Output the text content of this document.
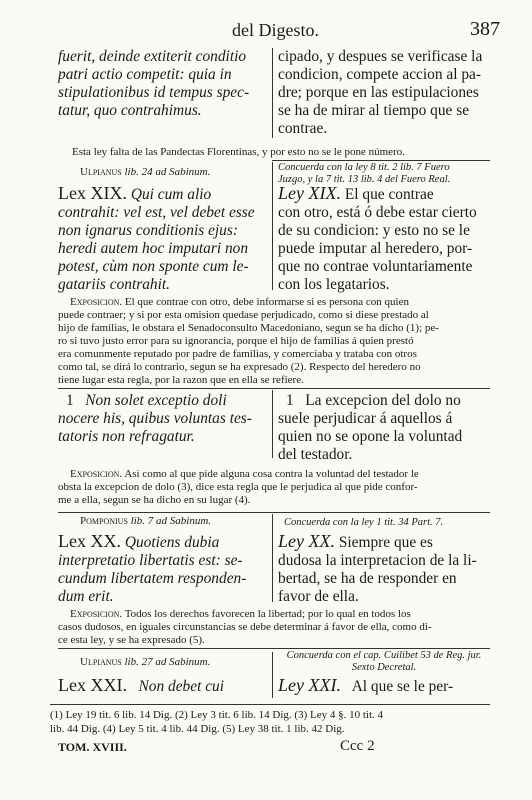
del Digesto.	387
fuerit, deinde extiterit conditio
patri actio competit: quia in
stipulationibus id tempus spec-
tatur, quo contrahimus.
cipado, y despues se verificase la
condicion, compete accion al pa-
dre; porque en las estipulaciones
se ha de mirar al tiempo que se
contrae.
Esta ley falta de las Pandectas Florentinas, y por esto no se le pone número.
Ulpianus lib. 24 ad Sabinum.	Concuerda con la ley 8 tit. 2 lib. 7 Fuero
Juzgo, y la 7 tit. 13 lib. 4 del Fuero Real.
Lex XIX. Qui cum alio
contrahit: vel est, vel debet esse
non ignarus conditionis ejus:
heredi autem hoc imputari non
potest, cùm non sponte cum le-
gatariis contrahit.
Ley XIX. El que contrae
con otro, está ó debe estar cierto
de su condicion: y esto no se le
puede imputar al heredero, por-
que no contrae voluntariamente
con los legatarios.
Exposicion. El que contrae con otro, debe informarse si es persona con quien
puede contraer; y si por esta omision quedase perjudicado, como si diese prestado al
hijo de familias, le obstara el Senadoconsulto Macedoniano, segun se ha dicho (1); pe-
ro si tuvo justo error para su ignorancia, porque el hijo de familias á quien prestó
era comunmente reputado por padre de familias, y comerciaba y trataba con otros
como tal, se dirá lo contrario, segun se ha expresado (2). Respecto del heredero no
tiene lugar esta regla, por la razon que en ella se refiere.
1 Non solet exceptio doli
nocere his, quibus voluntas tes-
tatoris non refragatur.
1 La excepcion del dolo no
suele perjudicar á aquellos á
quien no se opone la voluntad
del testador.
Exposicion. Asi como al que pide alguna cosa contra la voluntad del testador le
obsta la excepcion de dolo (3), dice esta regla que le perjudica al que pide confor-
me a ella, segun se ha dicho en su lugar (4).
Pomponius lib. 7 ad Sabinum.	Concuerda con la ley 1 tit. 34 Part. 7.
Lex XX. Quotiens dubia
interpretatio libertatis est: se-
cundum libertatem responden-
dum erit.
Ley XX. Siempre que es
dudosa la interpretacion de la li-
bertad, se ha de responder en
favor de ella.
Exposicion. Todos los derechos favorecen la libertad; por lo qual en todos los
casos dudosos, en iguales circunstancias se debe determinar á favor de ella, como di-
ce esta ley, y se ha expresado (5).
Ulpianus lib. 27 ad Sabinum.
Concuerda con el cap. Cuilibet 53 de Reg. jur.
Sexto Decretal.
Lex XXI. Non debet cui	Ley XXI. Al que se le per-
(1) Ley 19 tit. 6 lib. 14 Dig. (2) Ley 3 tit. 6 lib. 14 Dig. (3) Ley 4 §. 10 tit. 4
lib. 44 Dig. (4) Ley 5 tit. 4 lib. 44 Dig. (5) Ley 38 tit. 1 lib. 42 Dig.
TOM. XVIII.	Ccc 2
